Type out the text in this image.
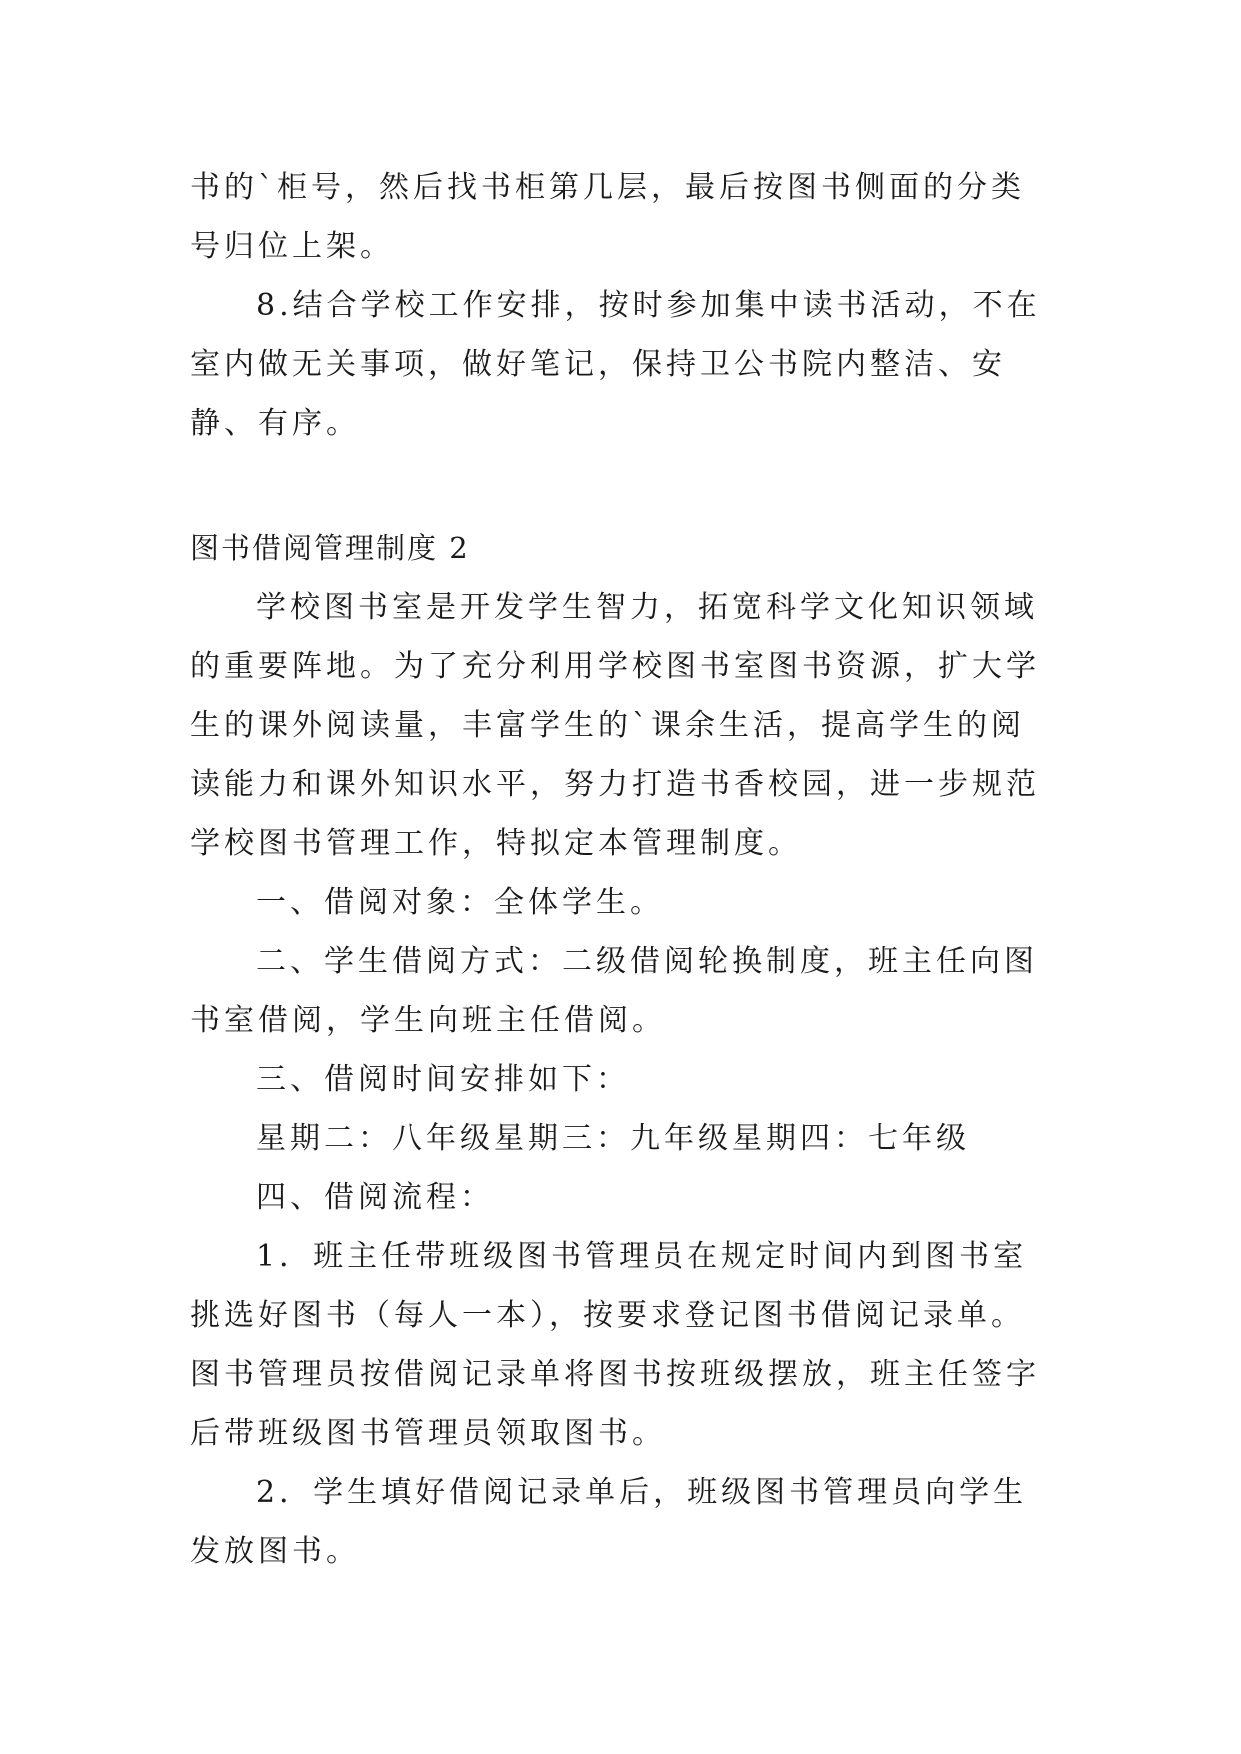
书的`柜号，然后找书柜第几层，最后按图书侧面的分类号归位上架。

8.结合学校工作安排，按时参加集中读书活动，不在室内做无关事项，做好笔记，保持卫公书院内整洁、安静、有序。

图书借阅管理制度 2

学校图书室是开发学生智力，拓宽科学文化知识领域的重要阵地。为了充分利用学校图书室图书资源，扩大学生的课外阅读量，丰富学生的`课余生活，提高学生的阅读能力和课外知识水平，努力打造书香校园，进一步规范学校图书管理工作，特拟定本管理制度。

一、借阅对象：全体学生。

二、学生借阅方式：二级借阅轮换制度，班主任向图书室借阅，学生向班主任借阅。

三、借阅时间安排如下：

星期二：八年级星期三：九年级星期四：七年级

四、借阅流程：

1．班主任带班级图书管理员在规定时间内到图书室挑选好图书（每人一本），按要求登记图书借阅记录单。图书管理员按借阅记录单将图书按班级摆放，班主任签字后带班级图书管理员领取图书。

2．学生填好借阅记录单后，班级图书管理员向学生发放图书。
